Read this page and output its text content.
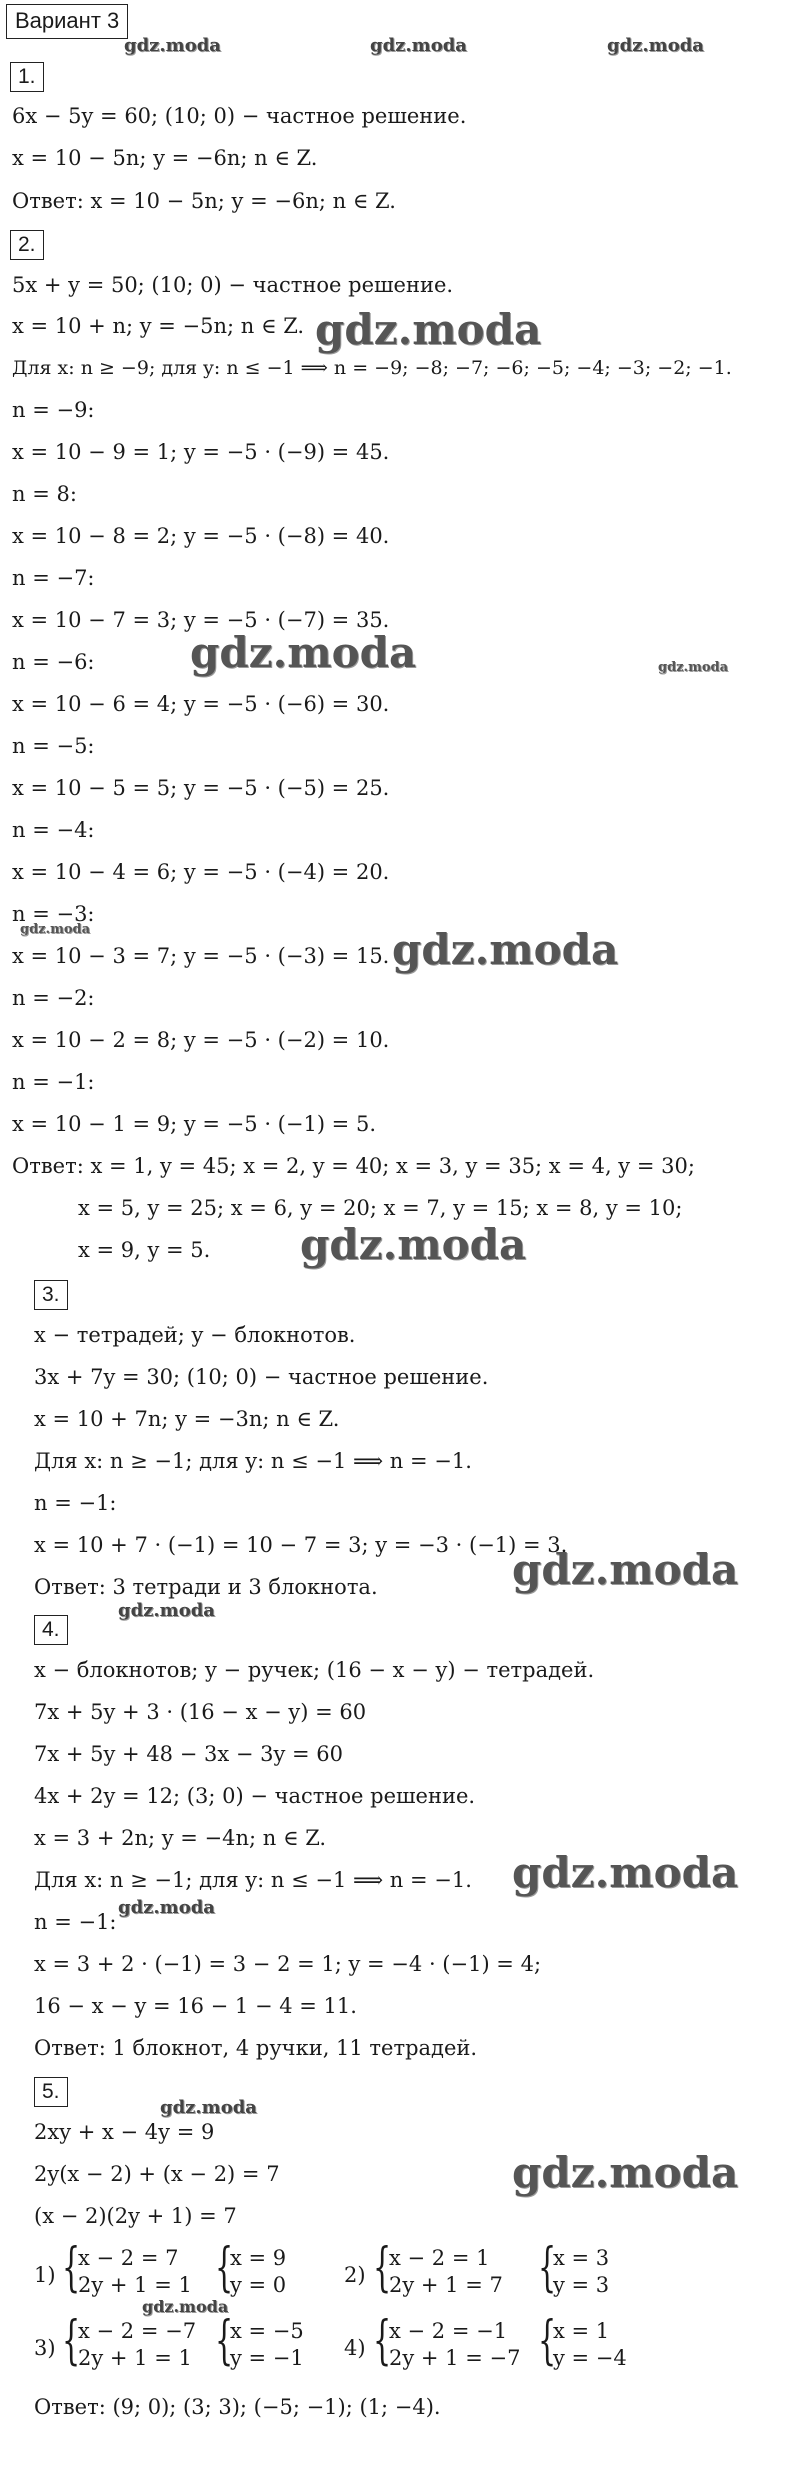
Вариант 3
gdz.moda	gdz.moda	gdz.moda
1.
6x − 5y = 60; (10; 0) − частное решение.
x = 10 − 5n; y = −6n; n ∈ Z.
Ответ: x = 10 − 5n; y = −6n; n ∈ Z.
2.
5x + y = 50; (10; 0) − частное решение.
x = 10 + n; y = −5n; n ∈ Z.
Для x: n ≥ −9; для y: n ≤ −1 ⟹ n = −9; −8; −7; −6; −5; −4; −3; −2; −1.
n = −9:
x = 10 − 9 = 1; y = −5 · (−9) = 45.
n = 8:
x = 10 − 8 = 2; y = −5 · (−8) = 40.
n = −7:
x = 10 − 7 = 3; y = −5 · (−7) = 35.
n = −6:
x = 10 − 6 = 4; y = −5 · (−6) = 30.
n = −5:
x = 10 − 5 = 5; y = −5 · (−5) = 25.
n = −4:
x = 10 − 4 = 6; y = −5 · (−4) = 20.
n = −3:
x = 10 − 3 = 7; y = −5 · (−3) = 15.
n = −2:
x = 10 − 2 = 8; y = −5 · (−2) = 10.
n = −1:
x = 10 − 1 = 9; y = −5 · (−1) = 5.
Ответ: x = 1, y = 45; x = 2, y = 40; x = 3, y = 35; x = 4, y = 30;
x = 5, y = 25; x = 6, y = 20; x = 7, y = 15; x = 8, y = 10;
x = 9, y = 5.
gdz.moda
gdz.moda	gdz.moda
gdz.moda	gdz.moda
gdz.moda
3.
x − тетрадей; y − блокнотов.
3x + 7y = 30; (10; 0) − частное решение.
x = 10 + 7n; y = −3n; n ∈ Z.
Для x: n ≥ −1; для y: n ≤ −1 ⟹ n = −1.
n = −1:
x = 10 + 7 · (−1) = 10 − 7 = 3; y = −3 · (−1) = 3.
Ответ: 3 тетради и 3 блокнота.	gdz.moda
4.
gdz.moda
x − блокнотов; y − ручек; (16 − x − y) − тетрадей.
7x + 5y + 3 · (16 − x − y) = 60
7x + 5y + 48 − 3x − 3y = 60
4x + 2y = 12; (3; 0) − частное решение.
x = 3 + 2n; y = −4n; n ∈ Z.
Для x: n ≥ −1; для y: n ≤ −1 ⟹ n = −1.
n = −1:
x = 3 + 2 · (−1) = 3 − 2 = 1; y = −4 · (−1) = 4;
16 − x − y = 16 − 1 − 4 = 11.
Ответ: 1 блокнот, 4 ручки, 11 тетрадей.
gdz.moda
gdz.moda
5.
gdz.moda
2xy + x − 4y = 9
2y(x − 2) + (x − 2) = 7
(x − 2)(2y + 1) = 7
gdz.moda
1) {
x − 2 = 7
2y + 1 = 1 {
x = 9
y = 0	2) {
x − 2 = 1
2y + 1 = 7 {
x = 3
y = 3
gdz.moda
3) {
x − 2 = −7
2y + 1 = 1 {
x = −5
y = −1 4) {
x − 2 = −1
2y + 1 = −7 {
x = 1
y = −4
Ответ: (9; 0); (3; 3); (−5; −1); (1; −4).
